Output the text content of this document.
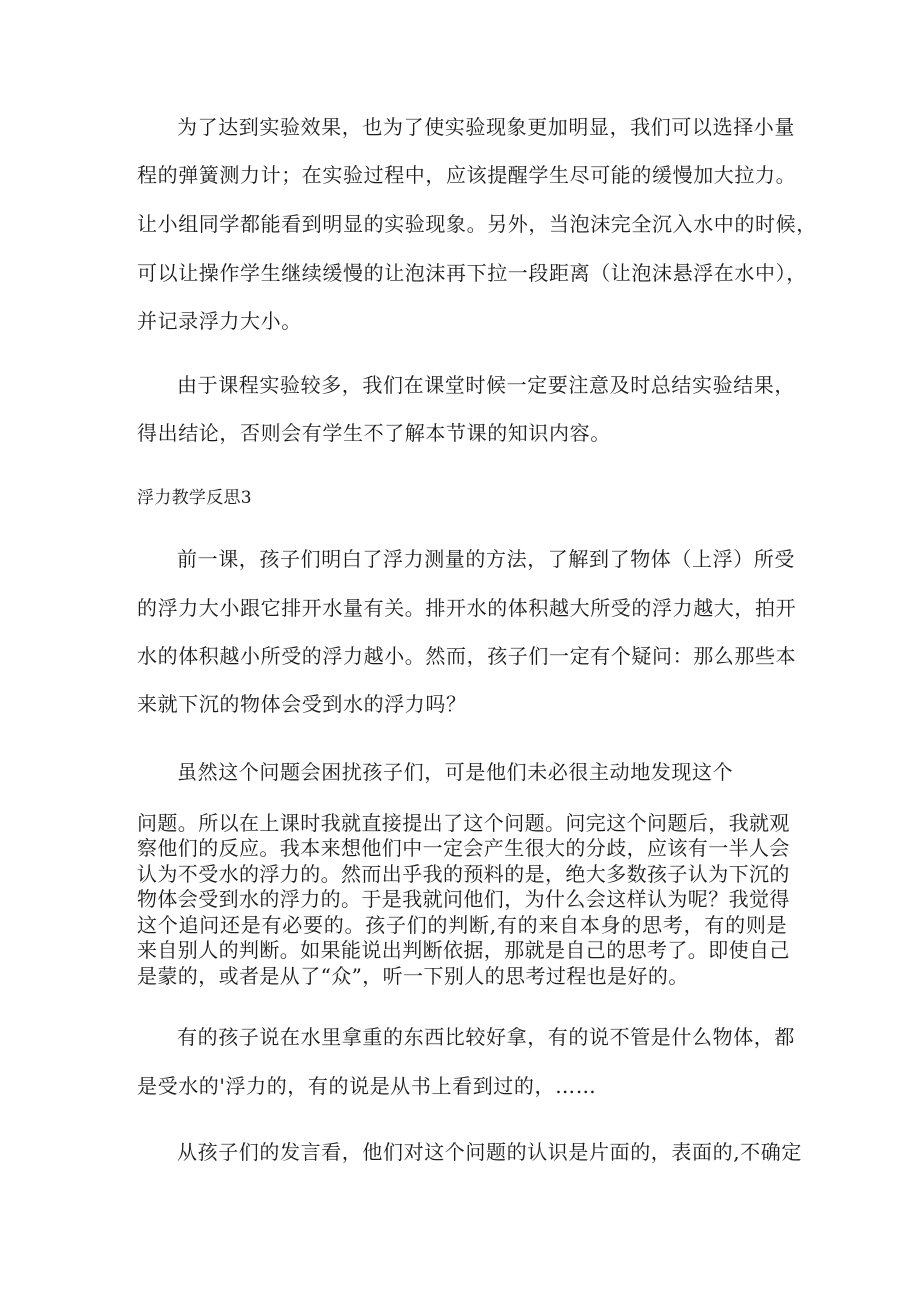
为了达到实验效果，也为了使实验现象更加明显，我们可以选择小量
程的弹簧测力计；在实验过程中，应该提醒学生尽可能的缓慢加大拉力。
让小组同学都能看到明显的实验现象。另外，当泡沫完全沉入水中的时候，
可以让操作学生继续缓慢的让泡沫再下拉一段距离（让泡沫悬浮在水中），
并记录浮力大小。
由于课程实验较多，我们在课堂时候一定要注意及时总结实验结果，
得出结论，否则会有学生不了解本节课的知识内容。
浮力教学反思3
前一课，孩子们明白了浮力测量的方法，了解到了物体（上浮）所受
的浮力大小跟它排开水量有关。排开水的体积越大所受的浮力越大，拍开
水的体积越小所受的浮力越小。然而，孩子们一定有个疑问：那么那些本
来就下沉的物体会受到水的浮力吗？
虽然这个问题会困扰孩子们，可是他们未必很主动地发现这个
问题。所以在上课时我就直接提出了这个问题。问完这个问题后，我就观
察他们的反应。我本来想他们中一定会产生很大的分歧，应该有一半人会
认为不受水的浮力的。然而出乎我的预料的是，绝大多数孩子认为下沉的
物体会受到水的浮力的。于是我就问他们，为什么会这样认为呢？我觉得
这个追问还是有必要的。孩子们的判断,有的来自本身的思考，有的则是
来自别人的判断。如果能说出判断依据，那就是自己的思考了。即使自己
是蒙的，或者是从了“众”，听一下别人的思考过程也是好的。
有的孩子说在水里拿重的东西比较好拿，有的说不管是什么物体，都
是受水的'浮力的，有的说是从书上看到过的，……
从孩子们的发言看，他们对这个问题的认识是片面的，表面的,不确定
